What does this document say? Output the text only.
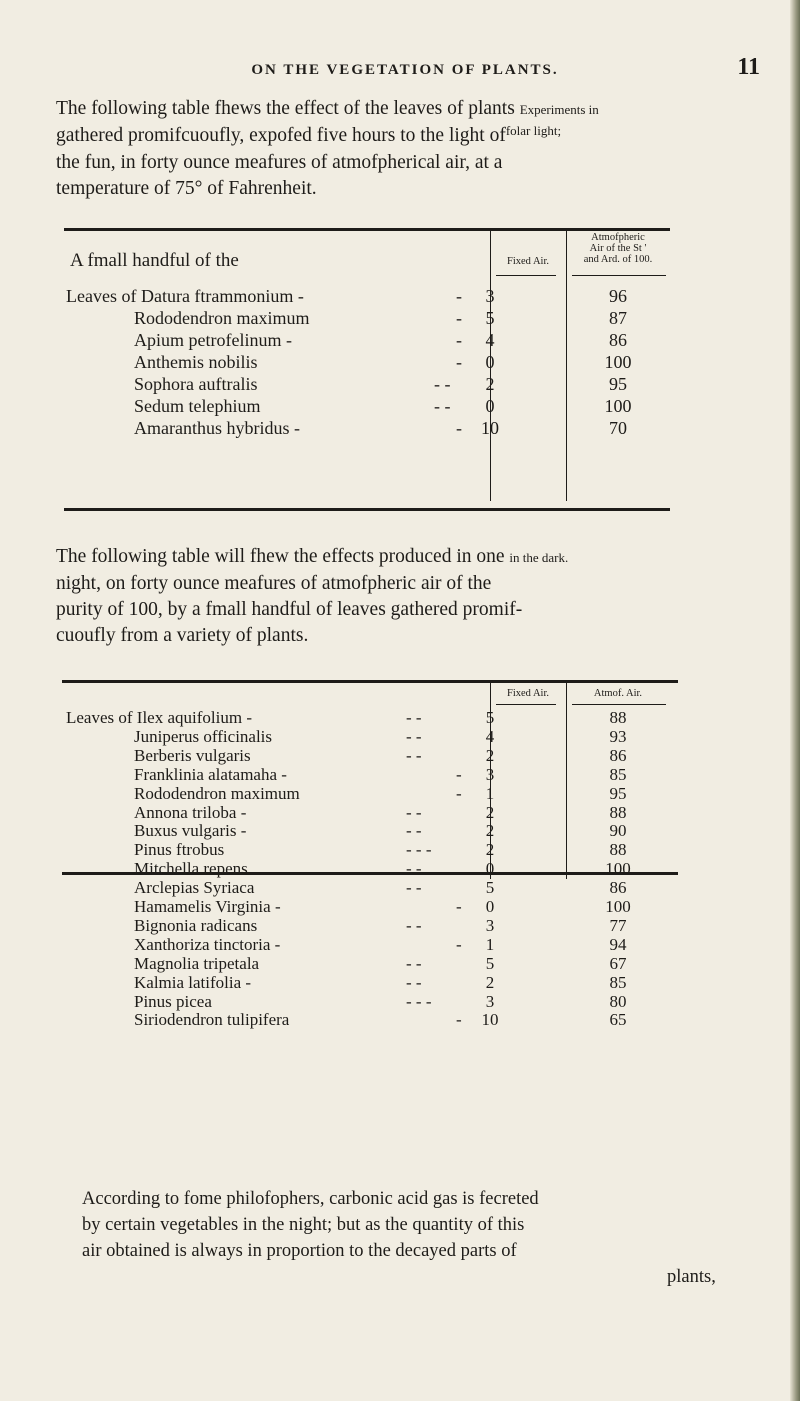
ON THE VEGETATION OF PLANTS.	11
The following table fhews the effect of the leaves of plants Experiments in
gathered promifcuoufly, expofed five hours to the light of$^{folar light;}$
the fun, in forty ounce meafures of atmofpherical air, at a
temperature of 75° of Fahrenheit.
A fmall handful of the	Fixed Air.
Atmofpheric
Air of the St '
and Ard. of 100.
Leaves of Datura ftrammonium -	-	3	96
Rododendron maximum	-	5	87
Apium petrofelinum -	-	4	86
Anthemis nobilis	-	0	100
Sophora auftralis	- -	2	95
Sedum telephium	- -	0	100
Amaranthus hybridus -	-	10	70
The following table will fhew the effects produced in one in the dark.
night, on forty ounce meafures of atmofpheric air of the
purity of 100, by a fmall handful of leaves gathered promif-
cuoufly from a variety of plants.
Fixed Air.	Atmof. Air.
Leaves of Ilex aquifolium -	- -	5	88
Juniperus officinalis	- -	4	93
Berberis vulgaris	- -	2	86
Franklinia alatamaha -	-	3	85
Rododendron maximum	-	1	95
Annona triloba -	- -	2	88
Buxus vulgaris -	- -	2	90
Pinus ftrobus	- - -	2	88
Mitchella repens	- -	0	100
Arclepias Syriaca	- -	5	86
Hamamelis Virginia -	-	0	100
Bignonia radicans	- -	3	77
Xanthoriza tinctoria -	-	1	94
Magnolia tripetala	- -	5	67
Kalmia latifolia -	- -	2	85
Pinus picea	- - -	3	80
Siriodendron tulipifera	-	10	65
According to fome philofophers, carbonic acid gas is fecreted
by certain vegetables in the night; but as the quantity of this
air obtained is always in proportion to the decayed parts of
plants,
